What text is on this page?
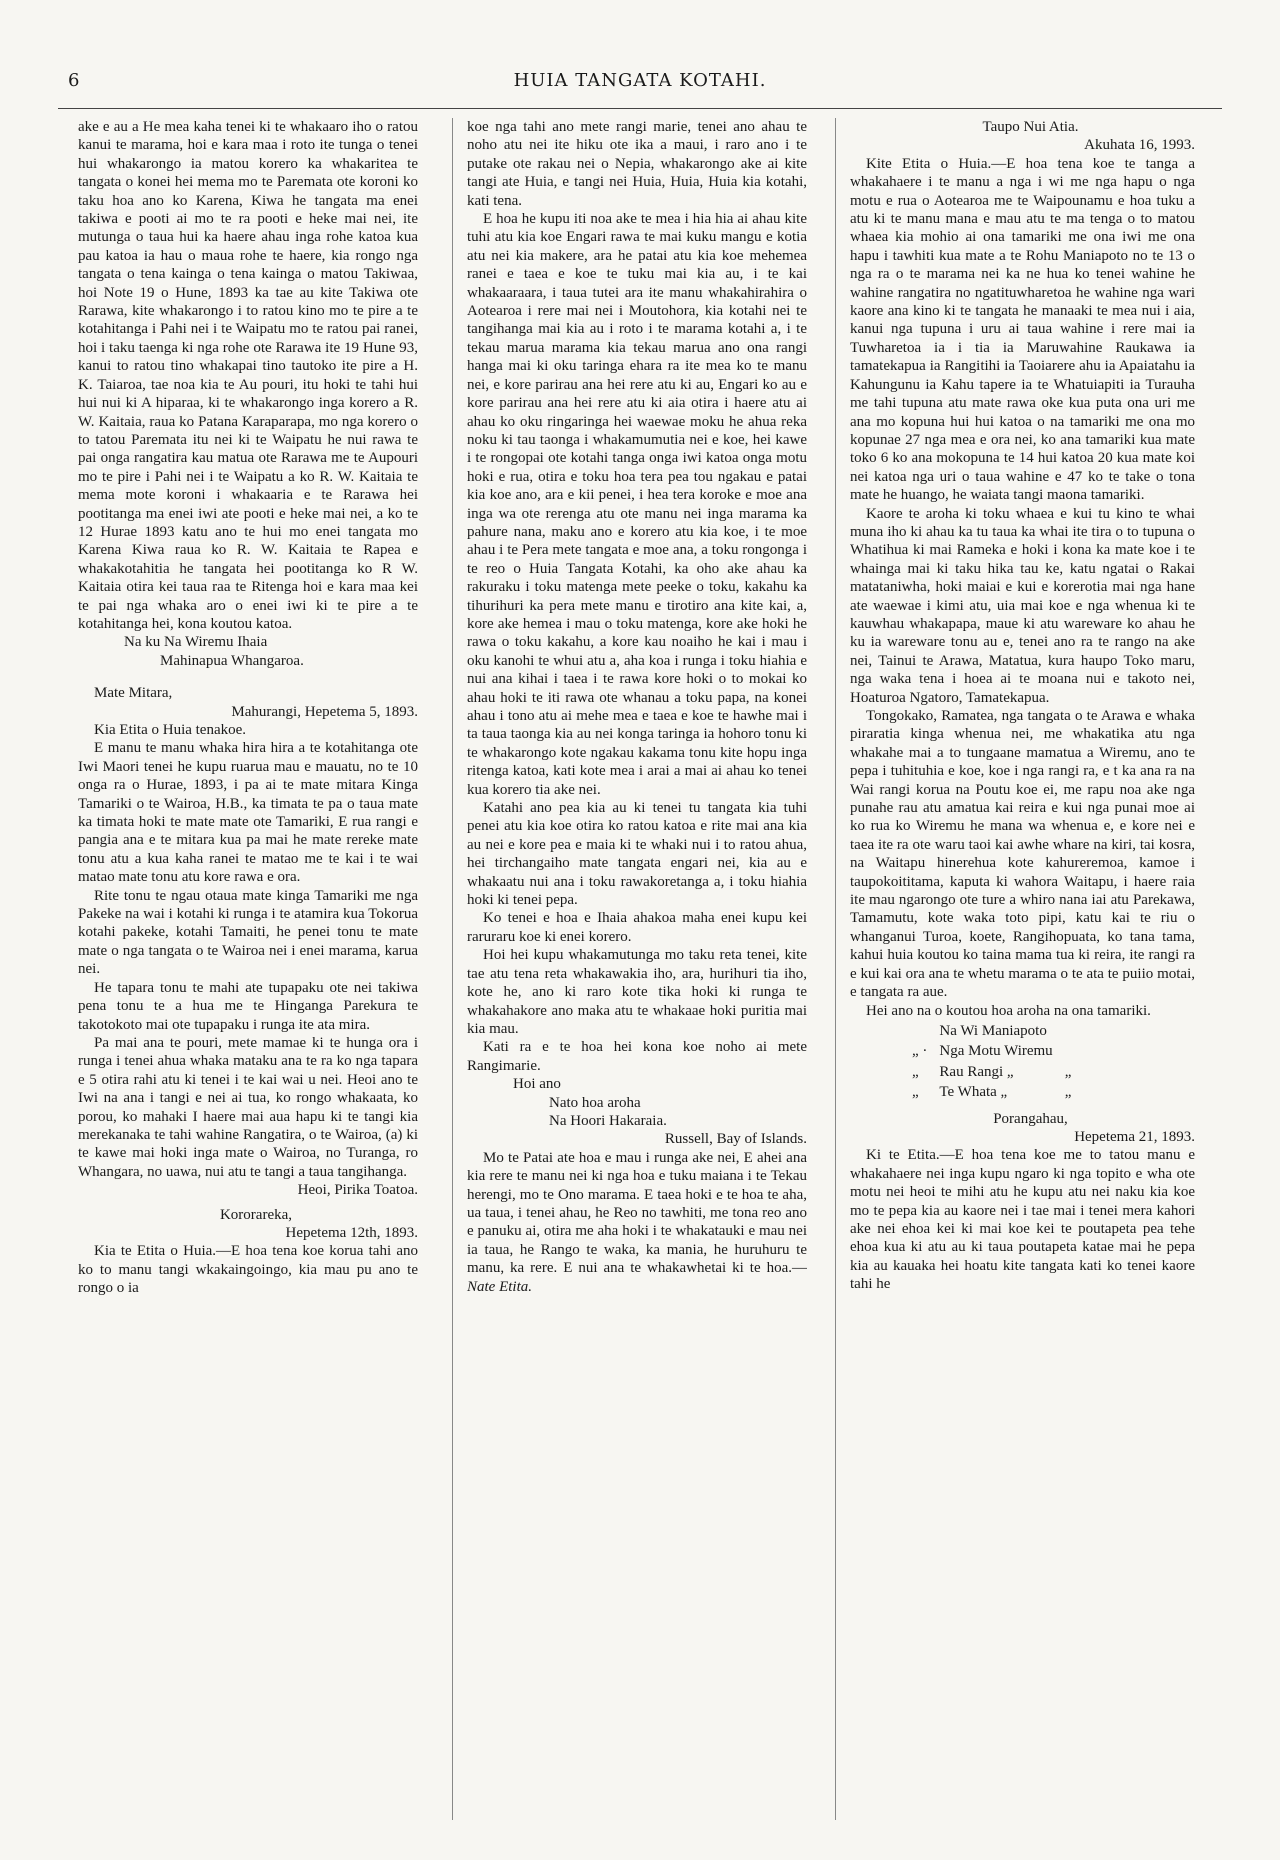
6	HUIA TANGATA KOTAHI.

ake e au a He mea kaha tenei ki te whakaaro iho o ratou kanui te marama, hoi e kara maa i roto ite tunga o tenei hui whakarongo ia matou korero ka whakaritea te tangata o konei hei mema mo te Paremata ote koroni ko taku hoa ano ko Karena, Kiwa he tangata ma enei takiwa e pooti ai mo te ra pooti e heke mai nei, ite mutunga o taua hui ka haere ahau inga rohe katoa kua pau katoa ia hau o maua rohe te haere, kia rongo nga tangata o tena kainga o tena kainga o matou Takiwaa, hoi Note 19 o Hune, 1893 ka tae au kite Takiwa ote Rarawa, kite whakarongo i to ratou kino mo te pire a te kotahitanga i Pahi nei i te Waipatu mo te ratou pai ranei, hoi i taku taenga ki nga rohe ote Rarawa ite 19 Hune 93, kanui to ratou tino whakapai tino tautoko ite pire a H. K. Taiaroa, tae noa kia te Au pouri, itu hoki te tahi hui hui nui ki A hiparaa, ki te whakarongo inga korero a R. W. Kaitaia, raua ko Patana Karaparapa, mo nga korero o to tatou Paremata itu nei ki te Waipatu he nui rawa te pai onga rangatira kau matua ote Rarawa me te Aupouri mo te pire i Pahi nei i te Waipatu a ko R. W. Kaitaia te mema mote koroni i whakaaria e te Rarawa hei pootitanga ma enei iwi ate pooti e heke mai nei, a ko te 12 Hurae 1893 katu ano te hui mo enei tangata mo Karena Kiwa raua ko R. W. Kaitaia te Rapea e whakakotahitia he tangata hei pootitanga ko R W. Kaitaia otira kei taua raa te Ritenga hoi e kara maa kei te pai nga whaka aro o enei iwi ki te pire a te kotahitanga hei, kona koutou katoa.

Na ku Na Wiremu Ihaia

Mahinapua Whangaroa.

Mate Mitara,

Mahurangi, Hepetema 5, 1893.

Kia Etita o Huia tenakoe.

E manu te manu whaka hira hira a te kotahitanga ote Iwi Maori tenei he kupu ruarua mau e mauatu, no te 10 onga ra o Hurae, 1893, i pa ai te mate mitara Kinga Tamariki o te Wairoa, H.B., ka timata te pa o taua mate ka timata hoki te mate mate ote Tamariki, E rua rangi e pangia ana e te mitara kua pa mai he mate rereke mate tonu atu a kua kaha ranei te matao me te kai i te wai matao mate tonu atu kore rawa e ora.

Rite tonu te ngau otaua mate kinga Tamariki me nga Pakeke na wai i kotahi ki runga i te atamira kua Tokorua kotahi pakeke, kotahi Tamaiti, he penei tonu te mate mate o nga tangata o te Wairoa nei i enei marama, karua nei.

He tapara tonu te mahi ate tupapaku ote nei takiwa pena tonu te a hua me te Hinganga Parekura te takotokoto mai ote tupapaku i runga ite ata mira.

Pa mai ana te pouri, mete mamae ki te hunga ora i runga i tenei ahua whaka mataku ana te ra ko nga tapara e 5 otira rahi atu ki tenei i te kai wai u nei. Heoi ano te Iwi na ana i tangi e nei ai tua, ko rongo whakaata, ko porou, ko mahaki I haere mai aua hapu ki te tangi kia merekanaka te tahi wahine Rangatira, o te Wairoa, (a) ki te kawe mai hoki inga mate o Wairoa, no Turanga, ro Whangara, no uawa, nui atu te tangi a taua tangihanga.

Heoi, Pirika Toatoa.

Kororareka,

Hepetema 12th, 1893.

Kia te Etita o Huia.—E hoa tena koe korua tahi ano ko to manu tangi wkakaingoingo, kia mau pu ano te rongo o ia

koe nga tahi ano mete rangi marie, tenei ano ahau te noho atu nei ite hiku ote ika a maui, i raro ano i te putake ote rakau nei o Nepia, whakarongo ake ai kite tangi ate Huia, e tangi nei Huia, Huia, Huia kia kotahi, kati tena.

E hoa he kupu iti noa ake te mea i hia hia ai ahau kite tuhi atu kia koe Engari rawa te mai kuku mangu e kotia atu nei kia makere, ara he patai atu kia koe mehemea ranei e taea e koe te tuku mai kia au, i te kai whakaaraara, i taua tutei ara ite manu whakahirahira o Aotearoa i rere mai nei i Moutohora, kia kotahi nei te tangihanga mai kia au i roto i te marama kotahi a, i te tekau marua marama kia tekau marua ano ona rangi hanga mai ki oku taringa ehara ra ite mea ko te manu nei, e kore parirau ana hei rere atu ki au, Engari ko au e kore parirau ana hei rere atu ki aia otira i haere atu ai ahau ko oku ringaringa hei waewae moku he ahua reka noku ki tau taonga i whakamumutia nei e koe, hei kawe i te rongopai ote kotahi tanga onga iwi katoa onga motu hoki e rua, otira e toku hoa tera pea tou ngakau e patai kia koe ano, ara e kii penei, i hea tera koroke e moe ana inga wa ote rerenga atu ote manu nei inga marama ka pahure nana, maku ano e korero atu kia koe, i te moe ahau i te Pera mete tangata e moe ana, a toku rongonga i te reo o Huia Tangata Kotahi, ka oho ake ahau ka rakuraku i toku matenga mete peeke o toku, kakahu ka tihurihuri ka pera mete manu e tirotiro ana kite kai, a, kore ake hemea i mau o toku matenga, kore ake hoki he rawa o toku kakahu, a kore kau noaiho he kai i mau i oku kanohi te whui atu a, aha koa i runga i toku hiahia e nui ana kihai i taea i te rawa kore hoki o to mokai ko ahau hoki te iti rawa ote whanau a toku papa, na konei ahau i tono atu ai mehe mea e taea e koe te hawhe mai i ta taua taonga kia au nei konga taringa ia hohoro tonu ki te whakarongo kote ngakau kakama tonu kite hopu inga ritenga katoa, kati kote mea i arai a mai ai ahau ko tenei kua korero tia ake nei.

Katahi ano pea kia au ki tenei tu tangata kia tuhi penei atu kia koe otira ko ratou katoa e rite mai ana kia au nei e kore pea e maia ki te whaki nui i to ratou ahua, hei tirchangaiho mate tangata engari nei, kia au e whakaatu nui ana i toku rawakoretanga a, i toku hiahia hoki ki tenei pepa.

Ko tenei e hoa e Ihaia ahakoa maha enei kupu kei raruraru koe ki enei korero.

Hoi hei kupu whakamutunga mo taku reta tenei, kite tae atu tena reta whakawakia iho, ara, hurihuri tia iho, kote he, ano ki raro kote tika hoki ki runga te whakahakore ano maka atu te whakaae hoki puritia mai kia mau.

Kati ra e te hoa hei kona koe noho ai mete Rangimarie.

Hoi ano

Nato hoa aroha

Na Hoori Hakaraia.

Russell, Bay of Islands.

Mo te Patai ate hoa e mau i runga ake nei, E ahei ana kia rere te manu nei ki nga hoa e tuku maiana i te Tekau herengi, mo te Ono marama. E taea hoki e te hoa te aha, ua taua, i tenei ahau, he Reo no tawhiti, me tona reo ano e panuku ai, otira me aha hoki i te whakatauki e mau nei ia taua, he Rango te waka, ka mania, he huruhuru te manu, ka rere. E nui ana te whakawhetai ki te hoa.—Nate Etita.

Taupo Nui Atia.

Akuhata 16, 1993.

Kite Etita o Huia.—E hoa tena koe te tanga a whakahaere i te manu a nga i wi me nga hapu o nga motu e rua o Aotearoa me te Waipounamu e hoa tuku a atu ki te manu mana e mau atu te ma tenga o to matou whaea kia mohio ai ona tamariki me ona iwi me ona hapu i tawhiti kua mate a te Rohu Maniapoto no te 13 o nga ra o te marama nei ka ne hua ko tenei wahine he wahine rangatira no ngatituwharetoa he wahine nga wari kaore ana kino ki te tangata he manaaki te mea nui i aia, kanui nga tupuna i uru ai taua wahine i rere mai ia Tuwharetoa ia i tia ia Maruwahine Raukawa ia tamatekapua ia Rangitihi ia Taoiarere ahu ia Apaiatahu ia Kahungunu ia Kahu tapere ia te Whatuiapiti ia Turauha me tahi tupuna atu mate rawa oke kua puta ona uri me ana mo kopuna hui hui katoa o na tamariki me ona mo kopunae 27 nga mea e ora nei, ko ana tamariki kua mate toko 6 ko ana mokopuna te 14 hui katoa 20 kua mate koi nei katoa nga uri o taua wahine e 47 ko te take o tona mate he huango, he waiata tangi maona tamariki.

Kaore te aroha ki toku whaea e kui tu kino te whai muna iho ki ahau ka tu taua ka whai ite tira o to tupuna o Whatihua ki mai Rameka e hoki i kona ka mate koe i te whainga mai ki taku hika tau ke, katu ngatai o Rakai matataniwha, hoki maiai e kui e korerotia mai nga hane ate waewae i kimi atu, uia mai koe e nga whenua ki te kauwhau whakapapa, maue ki atu wareware ko ahau he ku ia wareware tonu au e, tenei ano ra te rango na ake nei, Tainui te Arawa, Matatua, kura haupo Toko maru, nga waka tena i hoea ai te moana nui e takoto nei, Hoaturoa Ngatoro, Tamatekapua.

Tongokako, Ramatea, nga tangata o te Arawa e whaka piraratia kinga whenua nei, me whakatika atu nga whakahe mai a to tungaane mamatua a Wiremu, ano te pepa i tuhituhia e koe, koe i nga rangi ra, e t ka ana ra na Wai rangi korua na Poutu koe ei, me rapu noa ake nga punahe rau atu amatua kai reira e kui nga punai moe ai ko rua ko Wiremu he mana wa whenua e, e kore nei e taea ite ra ote waru taoi kai awhe whare na kiri, tai kosra, na Waitapu hinerehua kote kahureremoa, kamoe i taupokoititama, kaputa ki wahora Waitapu, i haere raia ite mau ngarongo ote ture a whiro nana iai atu Parekawa, Tamamutu, kote waka toto pipi, katu kai te riu o whanganui Turoa, koete, Rangihopuata, ko tana tama, kahui huia koutou ko taina mama tua ki reira, ite rangi ra e kui kai ora ana te whetu marama o te ata te puiio motai, e tangata ra aue.

Hei ano na o koutou hoa aroha na ona tamariki.

	Na Wi Maniapoto	
„ ·	Nga Motu Wiremu	
„	Rau Rangi „	„
„	Te Whata „	„

Porangahau,

Hepetema 21, 1893.

Ki te Etita.—E hoa tena koe me to tatou manu e whakahaere nei inga kupu ngaro ki nga topito e wha ote motu nei heoi te mihi atu he kupu atu nei naku kia koe mo te pepa kia au kaore nei i tae mai i tenei mera kahori ake nei ehoa kei ki mai koe kei te poutapeta pea tehe ehoa kua ki atu au ki taua poutapeta katae mai he pepa kia au kauaka hei hoatu kite tangata kati ko tenei kaore tahi he
